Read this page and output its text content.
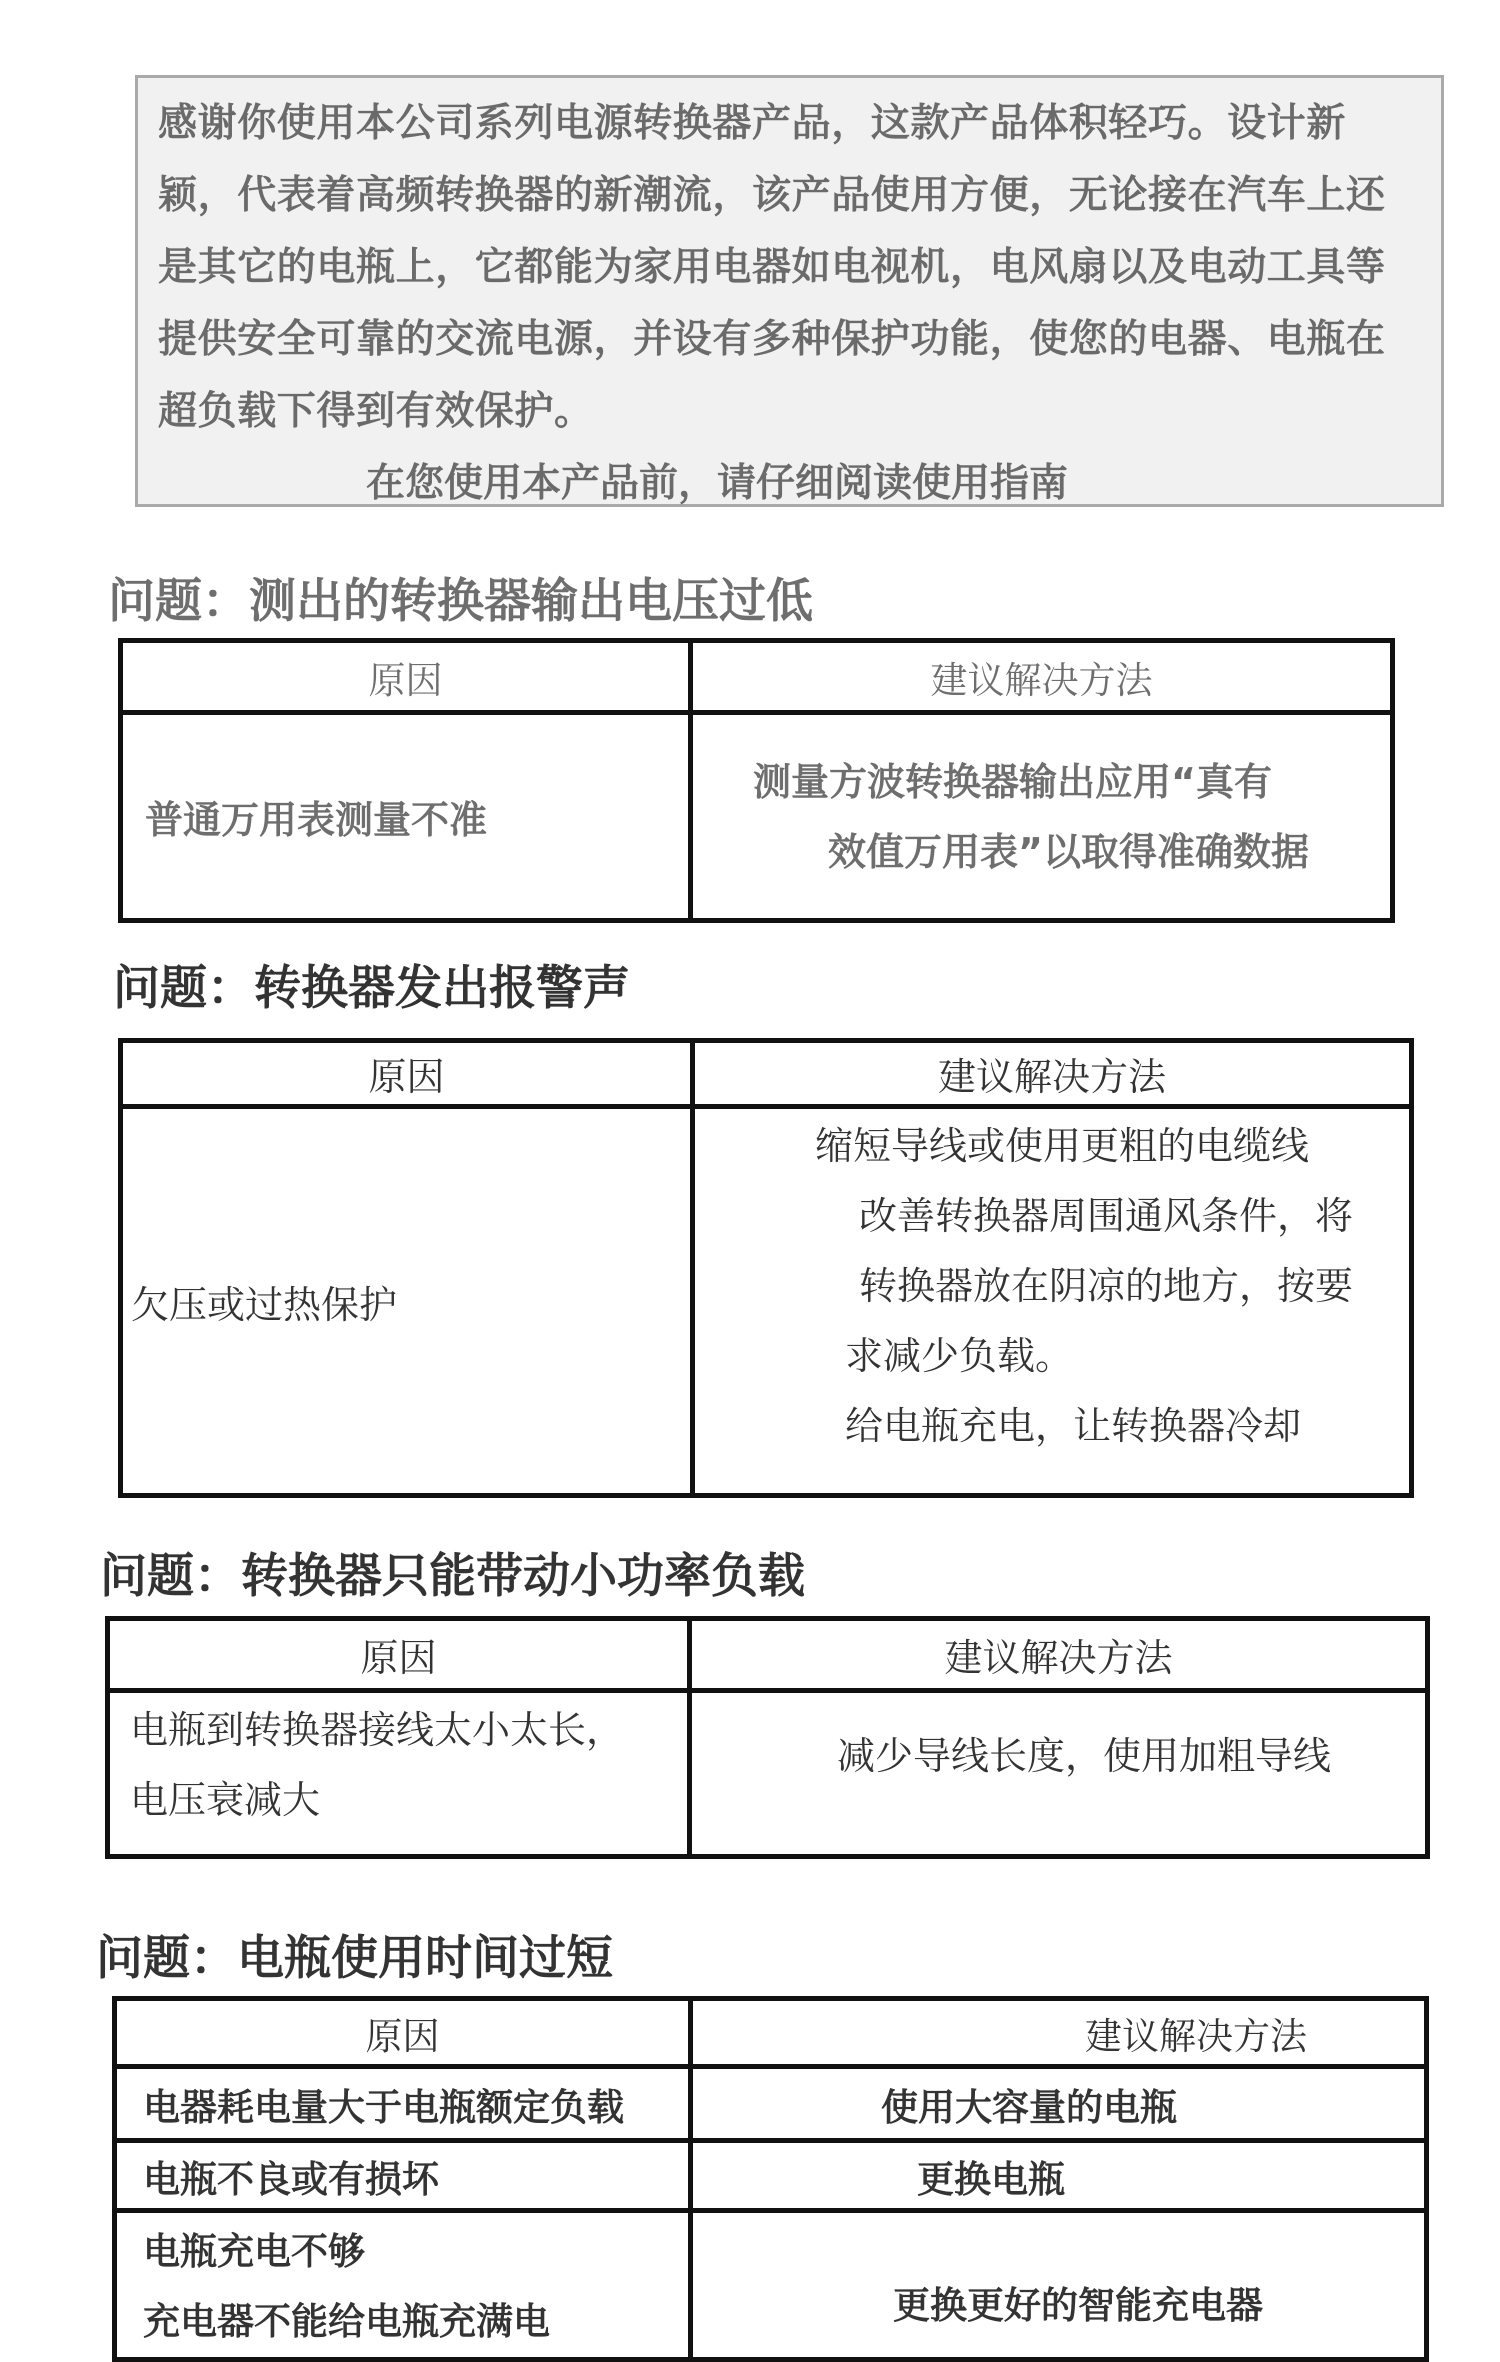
感谢你使用本公司系列电源转换器产品，这款产品体积轻巧。设计新颖，代表着高频转换器的新潮流，该产品使用方便，无论接在汽车上还是其它的电瓶上，它都能为家用电器如电视机，电风扇以及电动工具等提供安全可靠的交流电源，并设有多种保护功能，使您的电器、电瓶在超负载下得到有效保护。

在您使用本产品前，请仔细阅读使用指南

问题：测出的转换器输出电压过低
原因	建议解决方法

普通万用表测量不准	测量方波转换器输出应用“真有
效值万用表”以取得准确数据
问题：转换器发出报警声
原因	建议解决方法

欠压或过热保护	缩短导线或使用更粗的电缆线
改善转换器周围通风条件，将
转换器放在阴凉的地方，按要
求减少负载。
给电瓶充电，让转换器冷却
问题：转换器只能带动小功率负载
原因	建议解决方法

电瓶到转换器接线太小太长，
电压衰减大	减少导线长度，使用加粗导线
问题：电瓶使用时间过短
原因	建议解决方法

电器耗电量大于电瓶额定负载	使用大容量的电瓶

电瓶不良或有损坏	更换电瓶

电瓶充电不够
充电器不能给电瓶充满电	更换更好的智能充电器
